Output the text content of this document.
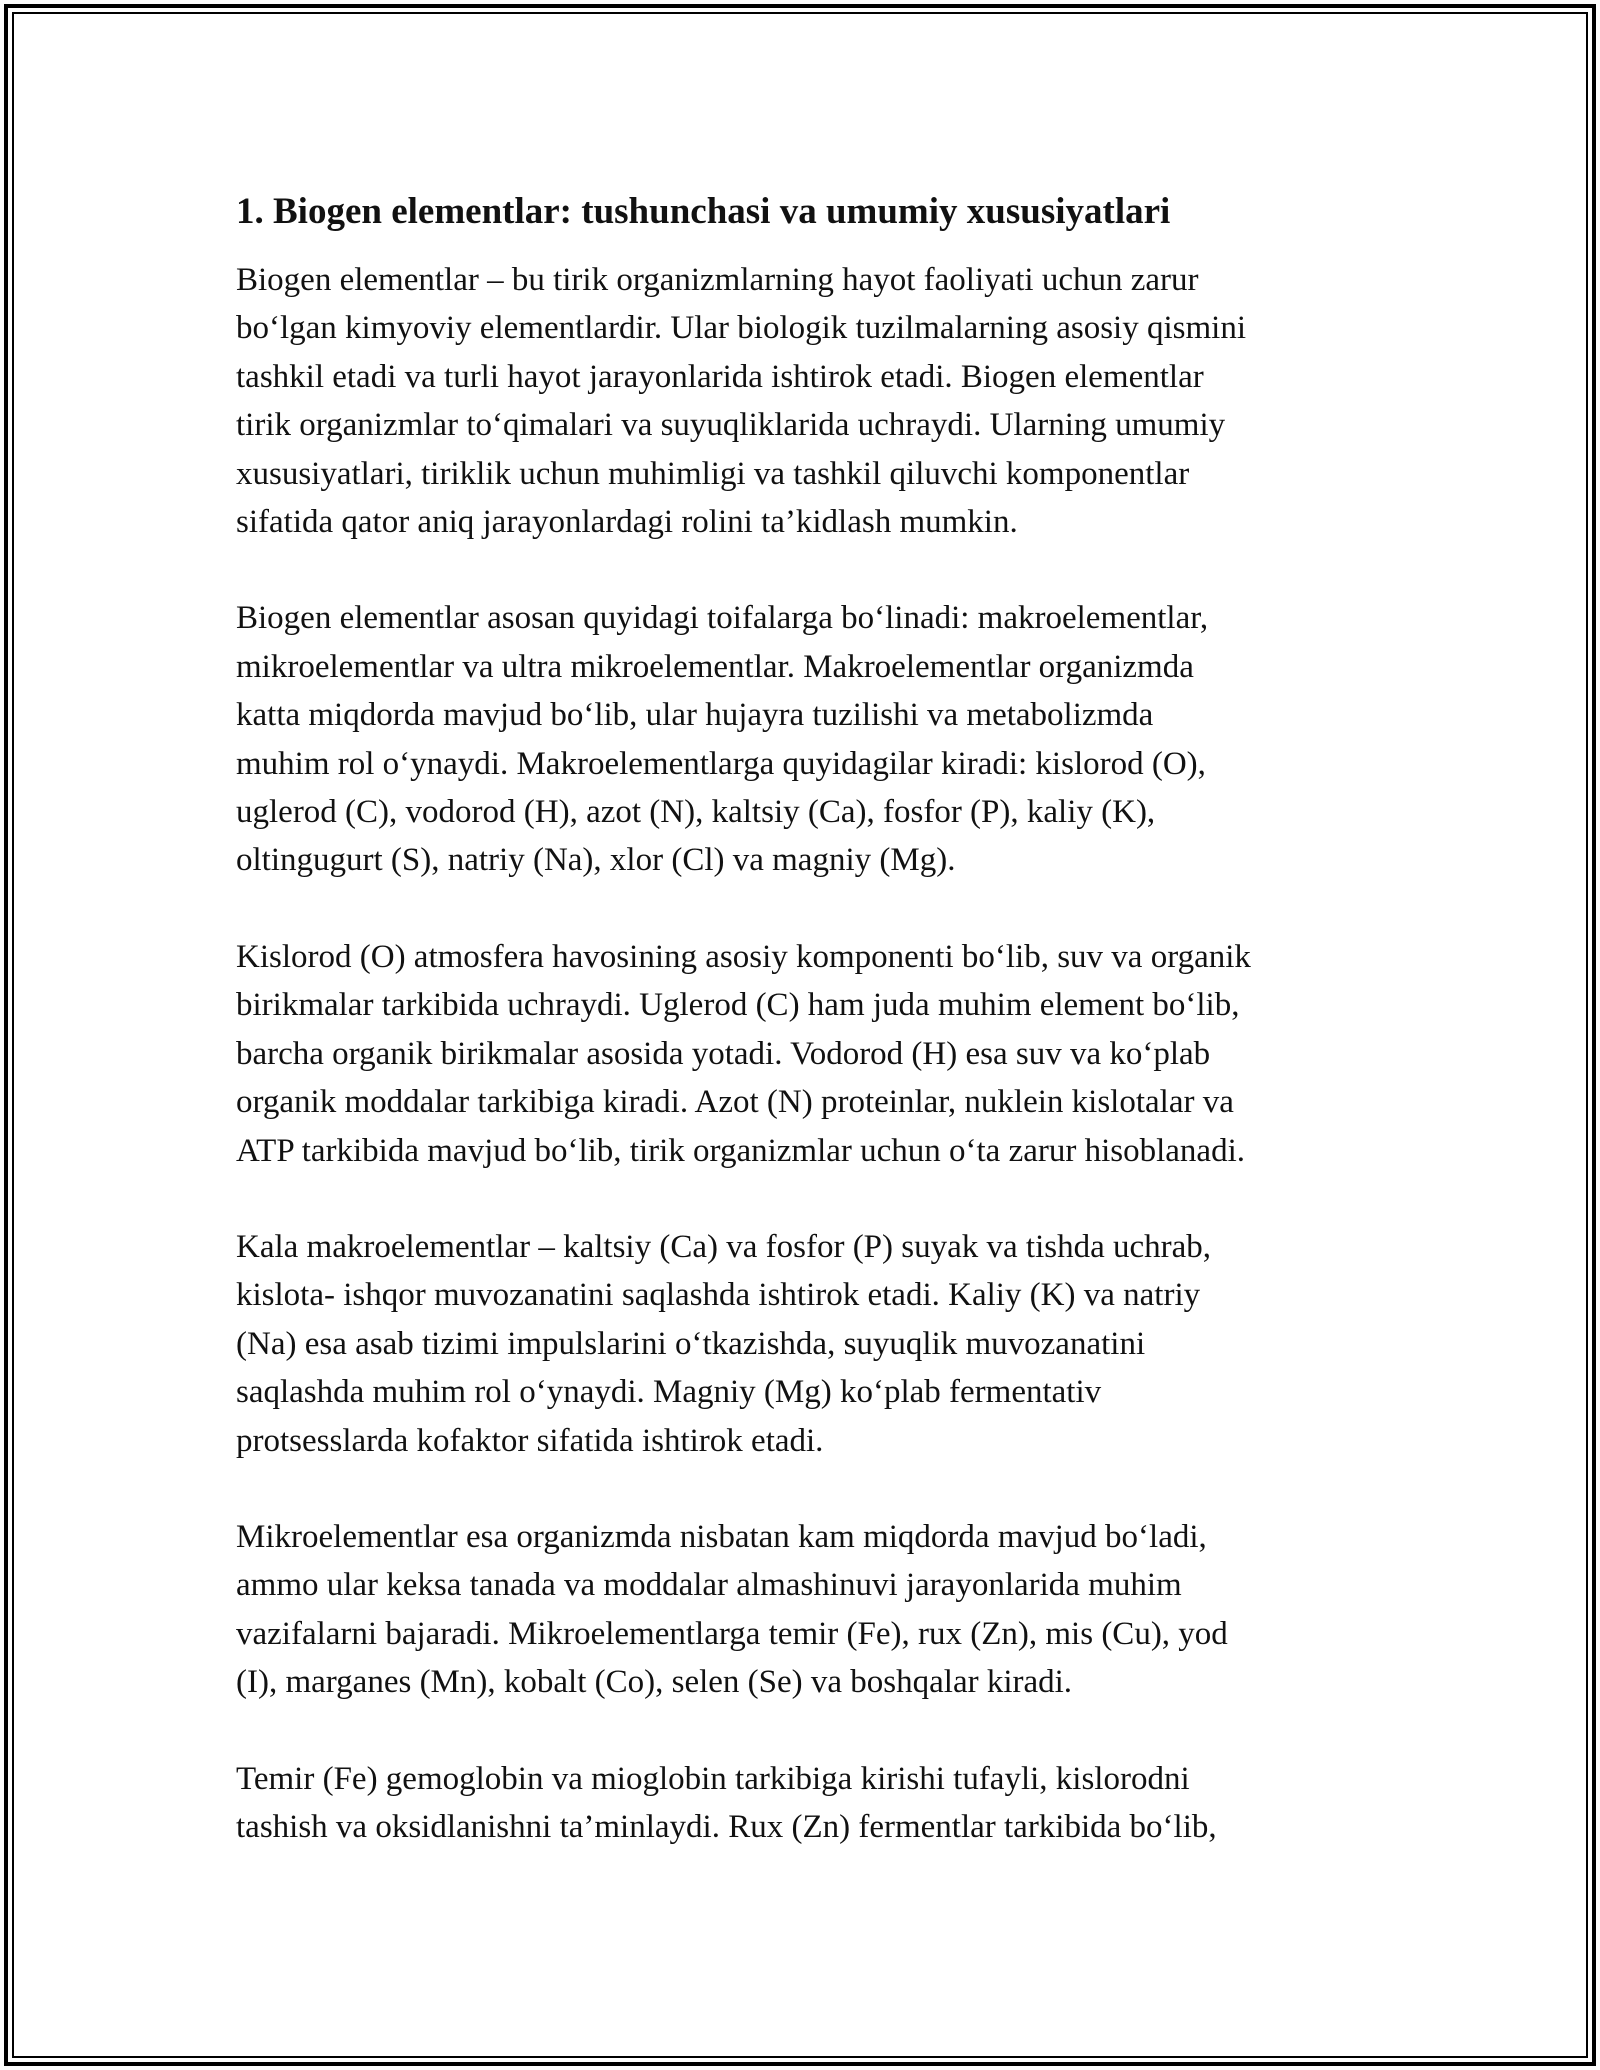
1. Biogen elementlar: tushunchasi va umumiy xususiyatlari

Biogen elementlar – bu tirik organizmlarning hayot faoliyati uchun zarur
bo‘lgan kimyoviy elementlardir. Ular biologik tuzilmalarning asosiy qismini
tashkil etadi va turli hayot jarayonlarida ishtirok etadi. Biogen elementlar
tirik organizmlar to‘qimalari va suyuqliklarida uchraydi. Ularning umumiy
xususiyatlari, tiriklik uchun muhimligi va tashkil qiluvchi komponentlar
sifatida qator aniq jarayonlardagi rolini ta’kidlash mumkin.

Biogen elementlar asosan quyidagi toifalarga bo‘linadi: makroelementlar,
mikroelementlar va ultra mikroelementlar. Makroelementlar organizmda
katta miqdorda mavjud bo‘lib, ular hujayra tuzilishi va metabolizmda
muhim rol o‘ynaydi. Makroelementlarga quyidagilar kiradi: kislorod (O),
uglerod (C), vodorod (H), azot (N), kaltsiy (Ca), fosfor (P), kaliy (K),
oltingugurt (S), natriy (Na), xlor (Cl) va magniy (Mg).

Kislorod (O) atmosfera havosining asosiy komponenti bo‘lib, suv va organik
birikmalar tarkibida uchraydi. Uglerod (C) ham juda muhim element bo‘lib,
barcha organik birikmalar asosida yotadi. Vodorod (H) esa suv va ko‘plab
organik moddalar tarkibiga kiradi. Azot (N) proteinlar, nuklein kislotalar va
ATP tarkibida mavjud bo‘lib, tirik organizmlar uchun o‘ta zarur hisoblanadi.

Kala makroelementlar – kaltsiy (Ca) va fosfor (P) suyak va tishda uchrab,
kislota- ishqor muvozanatini saqlashda ishtirok etadi. Kaliy (K) va natriy
(Na) esa asab tizimi impulslarini o‘tkazishda, suyuqlik muvozanatini
saqlashda muhim rol o‘ynaydi. Magniy (Mg) ko‘plab fermentativ
protsesslarda kofaktor sifatida ishtirok etadi.

Mikroelementlar esa organizmda nisbatan kam miqdorda mavjud bo‘ladi,
ammo ular keksa tanada va moddalar almashinuvi jarayonlarida muhim
vazifalarni bajaradi. Mikroelementlarga temir (Fe), rux (Zn), mis (Cu), yod
(I), marganes (Mn), kobalt (Co), selen (Se) va boshqalar kiradi.

Temir (Fe) gemoglobin va mioglobin tarkibiga kirishi tufayli, kislorodni
tashish va oksidlanishni ta’minlaydi. Rux (Zn) fermentlar tarkibida bo‘lib,
